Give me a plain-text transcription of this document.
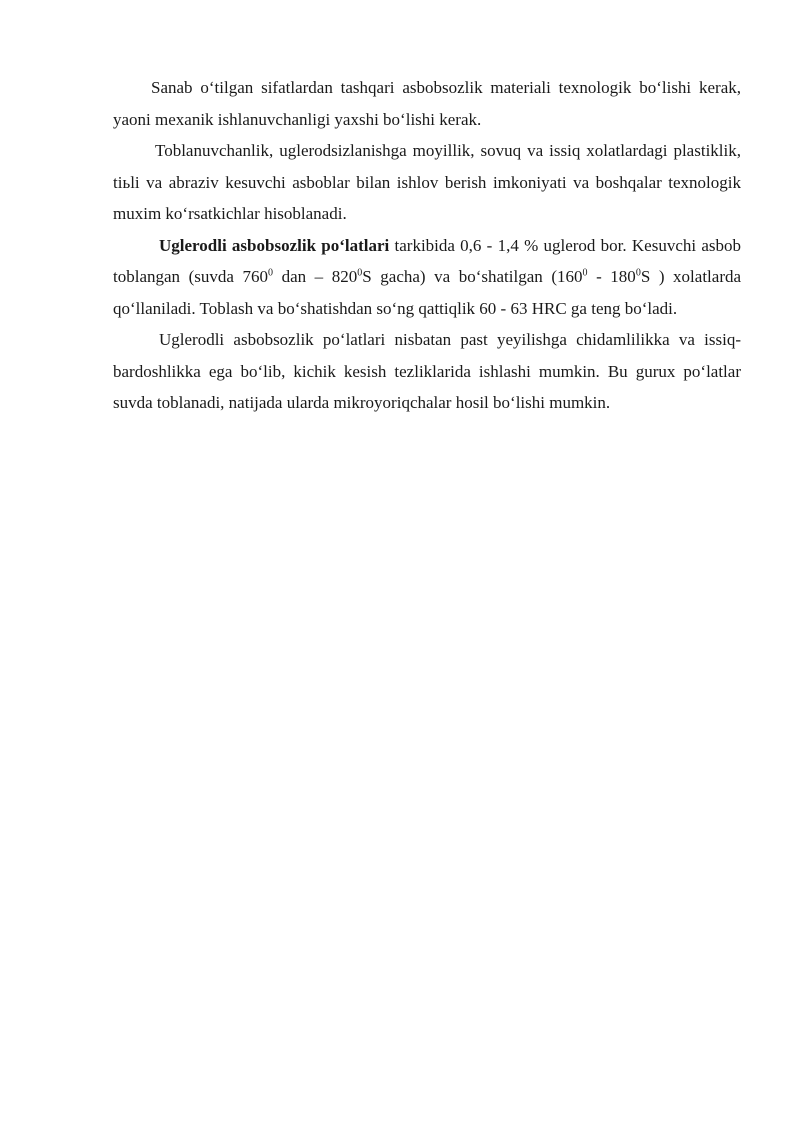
Sanab o‘tilgan sifatlardan tashqari asbobsozlik materiali texnologik bo‘lishi kerak, yaoni mexanik ishlanuvchanligi yaxshi bo‘lishi kerak.

Toblanuvchanlik, uglerodsizlanishga moyillik, sovuq va issiq xolatlardagi plastiklik, tiьli va abraziv kesuvchi asboblar bilan ishlov berish imkoniyati va boshqalar texnologik muxim ko‘rsatkichlar hisoblanadi.

Uglerodli asbobsozlik po‘latlari tarkibida 0,6 - 1,4 % uglerod bor. Kesuvchi asbob toblangan (suvda $760^0$ dan – $820^0S$ gacha) va bo‘shatilgan ($160^0 - 180^0S$ ) xolatlarda qo‘llaniladi. Toblash va bo‘shatishdan so‘ng qattiqlik 60 - 63 HRC ga teng bo‘ladi.

Uglerodli asbobsozlik po‘latlari nisbatan past yeyilishga chidamlilikka va issiq-bardoshlikka ega bo‘lib, kichik kesish tezliklarida ishlashi mumkin. Bu gurux po‘latlar suvda toblanadi, natijada ularda mikroyoriqchalar hosil bo‘lishi mumkin.
